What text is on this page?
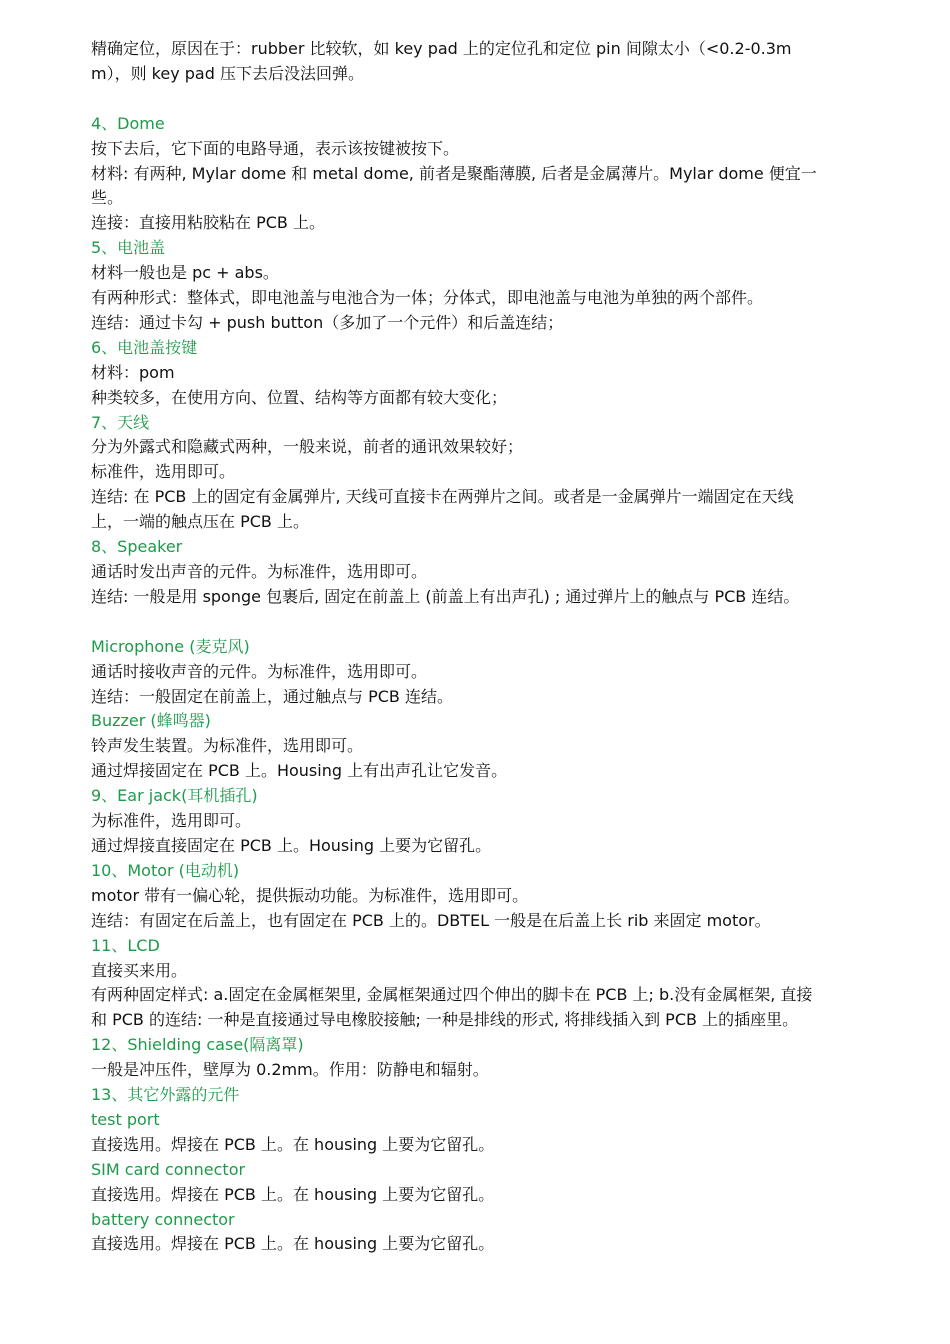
精确定位，原因在于：rubber 比较软，如 key pad 上的定位孔和定位 pin 间隙太小（<0.2-0.3mm），则 key pad 压下去后没法回弹。

4、Dome

按下去后，它下面的电路导通，表示该按键被按下。

材料: 有两种, Mylar dome 和 metal dome, 前者是聚酯薄膜, 后者是金属薄片。Mylar dome 便宜一些。

连接：直接用粘胶粘在 PCB 上。

5、电池盖

材料一般也是 pc + abs。

有两种形式：整体式，即电池盖与电池合为一体；分体式，即电池盖与电池为单独的两个部件。

连结：通过卡勾 + push button（多加了一个元件）和后盖连结；

6、电池盖按键

材料：pom

种类较多，在使用方向、位置、结构等方面都有较大变化；

7、天线

分为外露式和隐藏式两种，一般来说，前者的通讯效果较好；

标准件，选用即可。

连结: 在 PCB 上的固定有金属弹片, 天线可直接卡在两弹片之间。或者是一金属弹片一端固定在天线上，一端的触点压在 PCB 上。

8、Speaker

通话时发出声音的元件。为标准件，选用即可。

连结: 一般是用 sponge 包裹后, 固定在前盖上 (前盖上有出声孔) ; 通过弹片上的触点与 PCB 连结。

Microphone (麦克风)

通话时接收声音的元件。为标准件，选用即可。

连结：一般固定在前盖上，通过触点与 PCB 连结。

Buzzer (蜂鸣器)

铃声发生装置。为标准件，选用即可。

通过焊接固定在 PCB 上。Housing 上有出声孔让它发音。

9、Ear jack(耳机插孔)

为标准件，选用即可。

通过焊接直接固定在 PCB 上。Housing 上要为它留孔。

10、Motor (电动机)

motor 带有一偏心轮，提供振动功能。为标准件，选用即可。

连结：有固定在后盖上，也有固定在 PCB 上的。DBTEL 一般是在后盖上长 rib 来固定 motor。

11、LCD

直接买来用。

有两种固定样式: a.固定在金属框架里, 金属框架通过四个伸出的脚卡在 PCB 上; b.没有金属框架, 直接和 PCB 的连结: 一种是直接通过导电橡胶接触; 一种是排线的形式, 将排线插入到 PCB 上的插座里。

12、Shielding case(隔离罩)

一般是冲压件，壁厚为 0.2mm。作用：防静电和辐射。

13、其它外露的元件

test port

直接选用。焊接在 PCB 上。在 housing 上要为它留孔。

SIM card connector

直接选用。焊接在 PCB 上。在 housing 上要为它留孔。

battery connector

直接选用。焊接在 PCB 上。在 housing 上要为它留孔。
